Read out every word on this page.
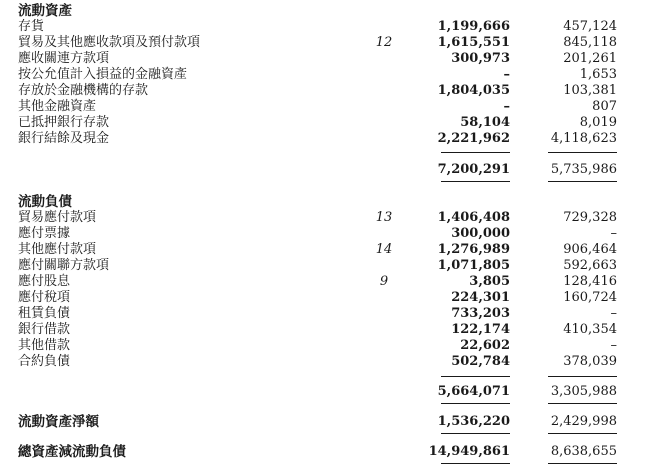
流動資產
存貨	1,199,666	457,124
貿易及其他應收款項及預付款項	12	1,615,551	845,118
應收關連方款項	300,973	201,261
按公允值計入損益的金融資產	–	1,653
存放於金融機構的存款	1,804,035	103,381
其他金融資產	–	807
已抵押銀行存款	58,104	8,019
銀行結餘及現金	2,221,962	4,118,623
7,200,291	5,735,986
流動負債
貿易應付款項	13	1,406,408	729,328
應付票據	300,000	–
其他應付款項	14	1,276,989	906,464
應付關聯方款項	1,071,805	592,663
應付股息	9	3,805	128,416
應付稅項	224,301	160,724
租賃負債	733,203	–
銀行借款	122,174	410,354
其他借款	22,602	–
合約負債	502,784	378,039
5,664,071	3,305,988
流動資產淨額	1,536,220	2,429,998
總資產減流動負債	14,949,861	8,638,655
